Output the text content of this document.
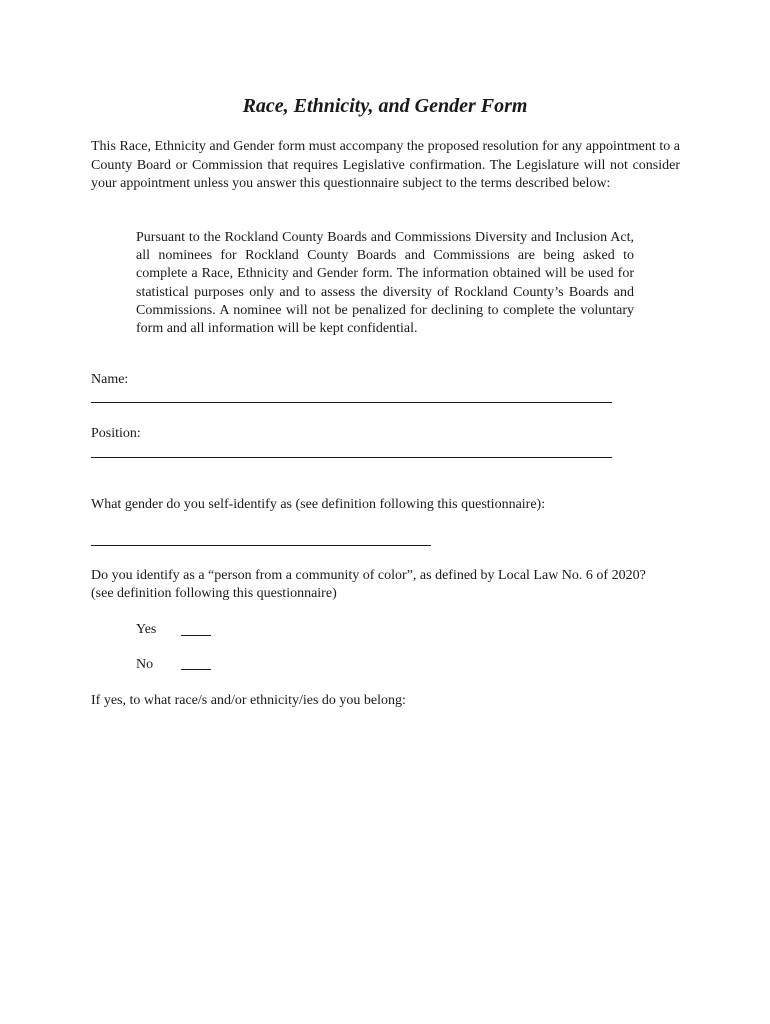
Race, Ethnicity, and Gender Form

This Race, Ethnicity and Gender form must accompany the proposed resolution for any appointment to a County Board or Commission that requires Legislative confirmation. The Legislature will not consider your appointment unless you answer this questionnaire subject to the terms described below:

Pursuant to the Rockland County Boards and Commissions Diversity and Inclusion Act, all nominees for Rockland County Boards and Commissions are being asked to complete a Race, Ethnicity and Gender form. The information obtained will be used for statistical purposes only and to assess the diversity of Rockland County’s Boards and Commissions. A nominee will not be penalized for declining to complete the voluntary form and all information will be kept confidential.

Name:

Position:

What gender do you self-identify as (see definition following this questionnaire):

Do you identify as a “person from a community of color”, as defined by Local Law No. 6 of 2020?

(see definition following this questionnaire)

Yes
No

If yes, to what race/s and/or ethnicity/ies do you belong:
